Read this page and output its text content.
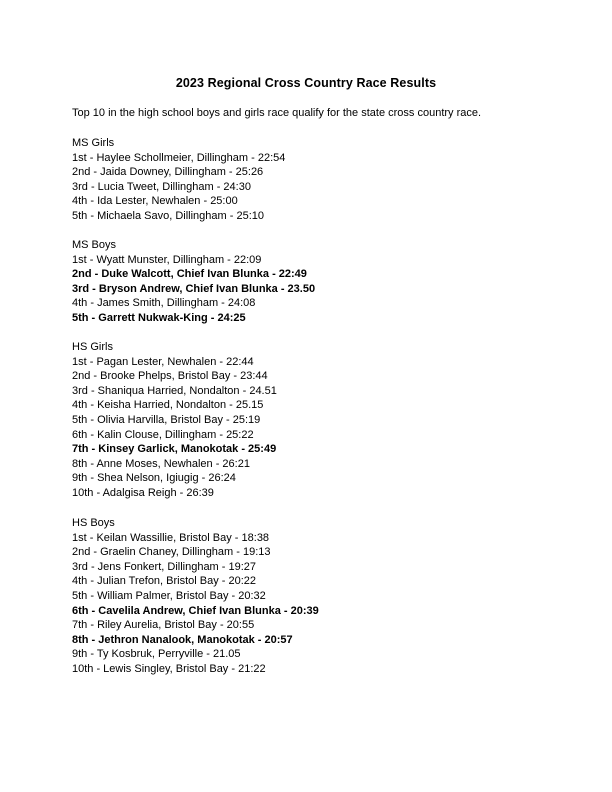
2023 Regional Cross Country Race Results
Top 10 in the high school boys and girls race qualify for the state cross country race.
MS Girls
1st - Haylee Schollmeier, Dillingham - 22:54
2nd - Jaida Downey, Dillingham - 25:26
3rd - Lucia Tweet, Dillingham - 24:30
4th - Ida Lester, Newhalen - 25:00
5th - Michaela Savo, Dillingham - 25:10
MS Boys
1st - Wyatt Munster, Dillingham - 22:09
2nd - Duke Walcott, Chief Ivan Blunka - 22:49
3rd - Bryson Andrew, Chief Ivan Blunka - 23.50
4th - James Smith, Dillingham - 24:08
5th - Garrett Nukwak-King - 24:25
HS Girls
1st - Pagan Lester, Newhalen - 22:44
2nd - Brooke Phelps, Bristol Bay - 23:44
3rd - Shaniqua Harried, Nondalton - 24.51
4th - Keisha Harried, Nondalton - 25.15
5th - Olivia Harvilla, Bristol Bay - 25:19
6th - Kalin Clouse, Dillingham - 25:22
7th - Kinsey Garlick, Manokotak - 25:49
8th - Anne Moses, Newhalen - 26:21
9th - Shea Nelson, Igiugig - 26:24
10th - Adalgisa Reigh - 26:39
HS Boys
1st - Keilan Wassillie, Bristol Bay - 18:38
2nd - Graelin Chaney, Dillingham - 19:13
3rd - Jens Fonkert, Dillingham - 19:27
4th - Julian Trefon, Bristol Bay - 20:22
5th - William Palmer, Bristol Bay - 20:32
6th - Cavelila Andrew, Chief Ivan Blunka - 20:39
7th - Riley Aurelia, Bristol Bay - 20:55
8th - Jethron Nanalook, Manokotak - 20:57
9th - Ty Kosbruk, Perryville - 21.05
10th - Lewis Singley, Bristol Bay - 21:22
